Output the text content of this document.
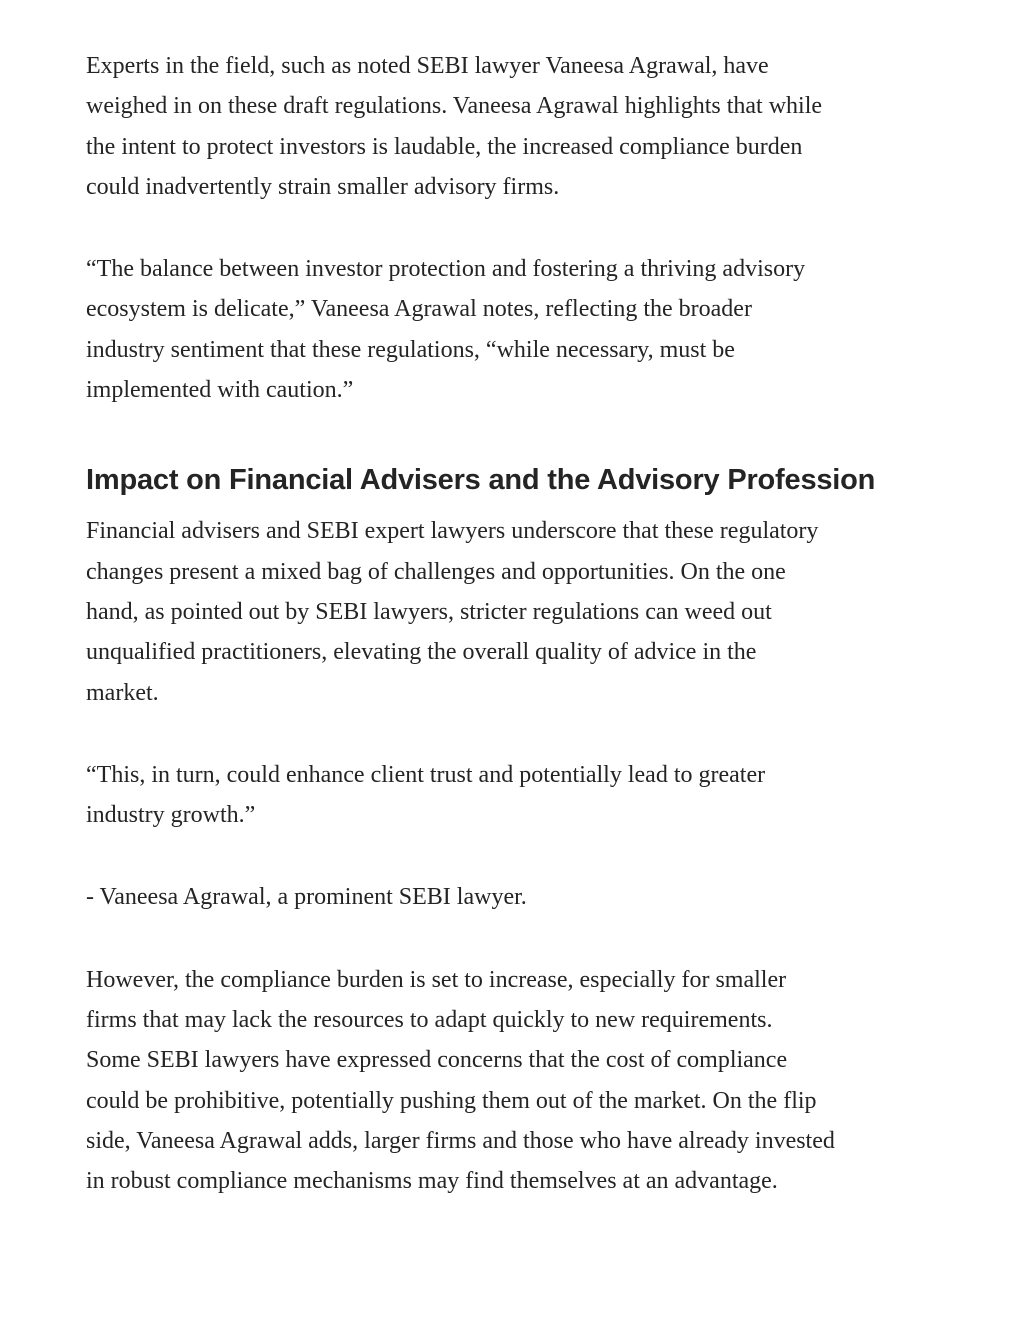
Experts in the field, such as noted SEBI lawyer Vaneesa Agrawal, have
weighed in on these draft regulations. Vaneesa Agrawal highlights that while
the intent to protect investors is laudable, the increased compliance burden
could inadvertently strain smaller advisory firms.

“The balance between investor protection and fostering a thriving advisory
ecosystem is delicate,” Vaneesa Agrawal notes, reflecting the broader
industry sentiment that these regulations, “while necessary, must be
implemented with caution.”

Impact on Financial Advisers and the Advisory Profession

Financial advisers and SEBI expert lawyers underscore that these regulatory
changes present a mixed bag of challenges and opportunities. On the one
hand, as pointed out by SEBI lawyers, stricter regulations can weed out
unqualified practitioners, elevating the overall quality of advice in the
market.

“This, in turn, could enhance client trust and potentially lead to greater
industry growth.”

- Vaneesa Agrawal, a prominent SEBI lawyer.

However, the compliance burden is set to increase, especially for smaller
firms that may lack the resources to adapt quickly to new requirements.
Some SEBI lawyers have expressed concerns that the cost of compliance
could be prohibitive, potentially pushing them out of the market. On the flip
side, Vaneesa Agrawal adds, larger firms and those who have already invested
in robust compliance mechanisms may find themselves at an advantage.
